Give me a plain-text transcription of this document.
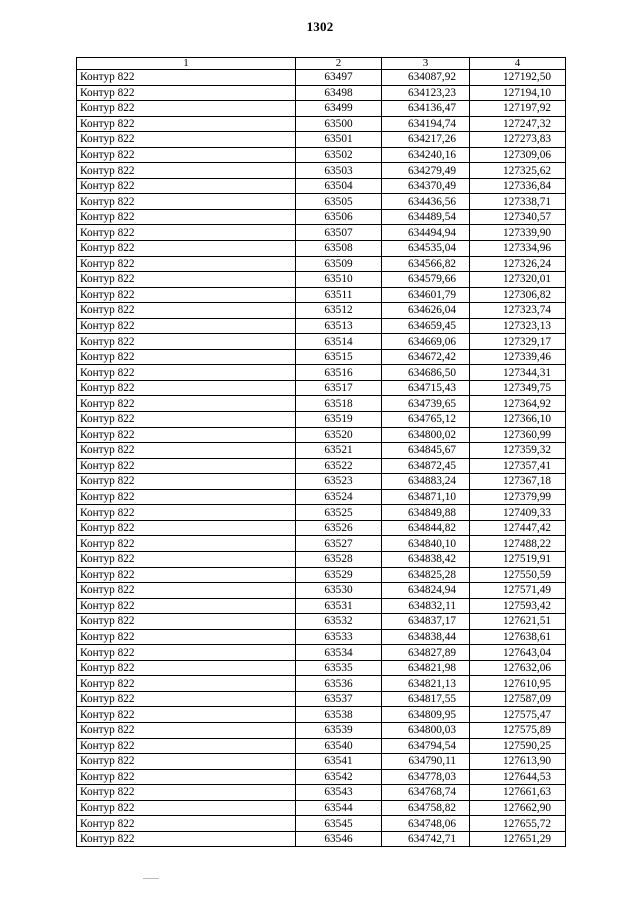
1302
1	2	3	4
Контур 822	63497	634087,92	127192,50
Контур 822	63498	634123,23	127194,10
Контур 822	63499	634136,47	127197,92
Контур 822	63500	634194,74	127247,32
Контур 822	63501	634217,26	127273,83
Контур 822	63502	634240,16	127309,06
Контур 822	63503	634279,49	127325,62
Контур 822	63504	634370,49	127336,84
Контур 822	63505	634436,56	127338,71
Контур 822	63506	634489,54	127340,57
Контур 822	63507	634494,94	127339,90
Контур 822	63508	634535,04	127334,96
Контур 822	63509	634566,82	127326,24
Контур 822	63510	634579,66	127320,01
Контур 822	63511	634601,79	127306,82
Контур 822	63512	634626,04	127323,74
Контур 822	63513	634659,45	127323,13
Контур 822	63514	634669,06	127329,17
Контур 822	63515	634672,42	127339,46
Контур 822	63516	634686,50	127344,31
Контур 822	63517	634715,43	127349,75
Контур 822	63518	634739,65	127364,92
Контур 822	63519	634765,12	127366,10
Контур 822	63520	634800,02	127360,99
Контур 822	63521	634845,67	127359,32
Контур 822	63522	634872,45	127357,41
Контур 822	63523	634883,24	127367,18
Контур 822	63524	634871,10	127379,99
Контур 822	63525	634849,88	127409,33
Контур 822	63526	634844,82	127447,42
Контур 822	63527	634840,10	127488,22
Контур 822	63528	634838,42	127519,91
Контур 822	63529	634825,28	127550,59
Контур 822	63530	634824,94	127571,49
Контур 822	63531	634832,11	127593,42
Контур 822	63532	634837,17	127621,51
Контур 822	63533	634838,44	127638,61
Контур 822	63534	634827,89	127643,04
Контур 822	63535	634821,98	127632,06
Контур 822	63536	634821,13	127610,95
Контур 822	63537	634817,55	127587,09
Контур 822	63538	634809,95	127575,47
Контур 822	63539	634800,03	127575,89
Контур 822	63540	634794,54	127590,25
Контур 822	63541	634790,11	127613,90
Контур 822	63542	634778,03	127644,53
Контур 822	63543	634768,74	127661,63
Контур 822	63544	634758,82	127662,90
Контур 822	63545	634748,06	127655,72
Контур 822	63546	634742,71	127651,29
